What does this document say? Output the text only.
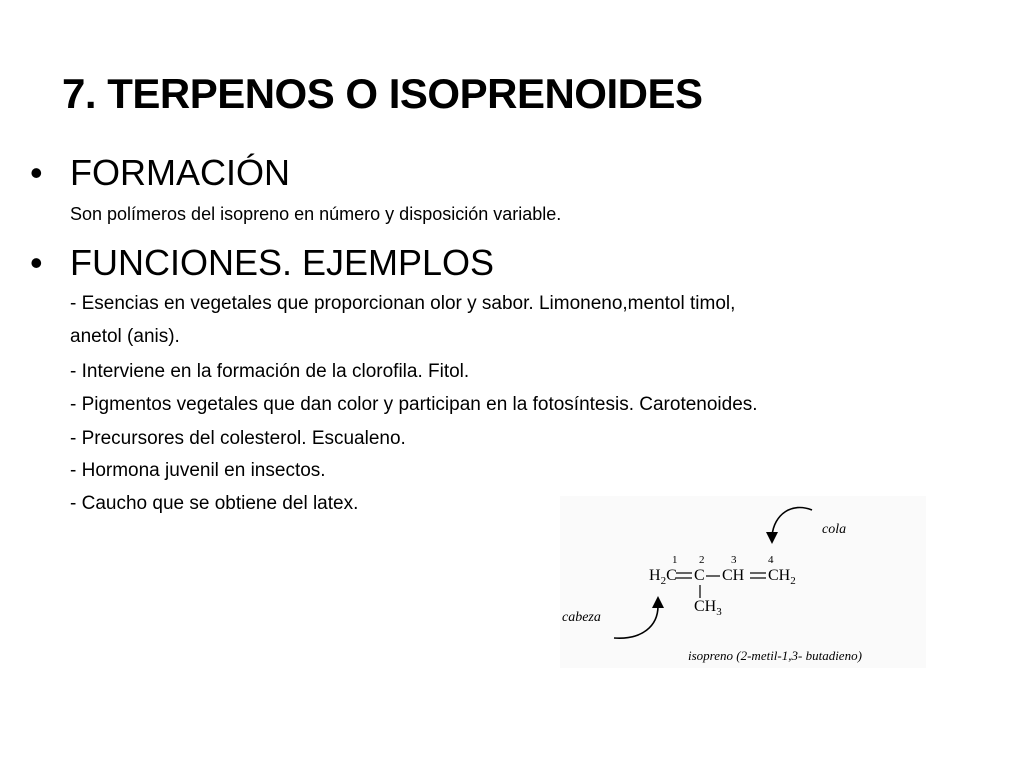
7. TERPENOS O ISOPRENOIDES
• FORMACIÓN
Son polímeros del isopreno en número y disposición variable.
• FUNCIONES. EJEMPLOS
- Esencias en vegetales que proporcionan olor y sabor. Limoneno,mentol timol,
anetol (anis).
- Interviene en la formación de la clorofila. Fitol.
- Pigmentos vegetales que dan color y participan en la fotosíntesis. Carotenoides.
- Precursores del colesterol. Escualeno.
- Hormona juvenil en insectos.
- Caucho que se obtiene del latex.
cola
cabeza
isopreno (2-metil-1,3- butadieno)
1 2 3	4
$H_2C$ C CH $CH_2$
$CH_3$
